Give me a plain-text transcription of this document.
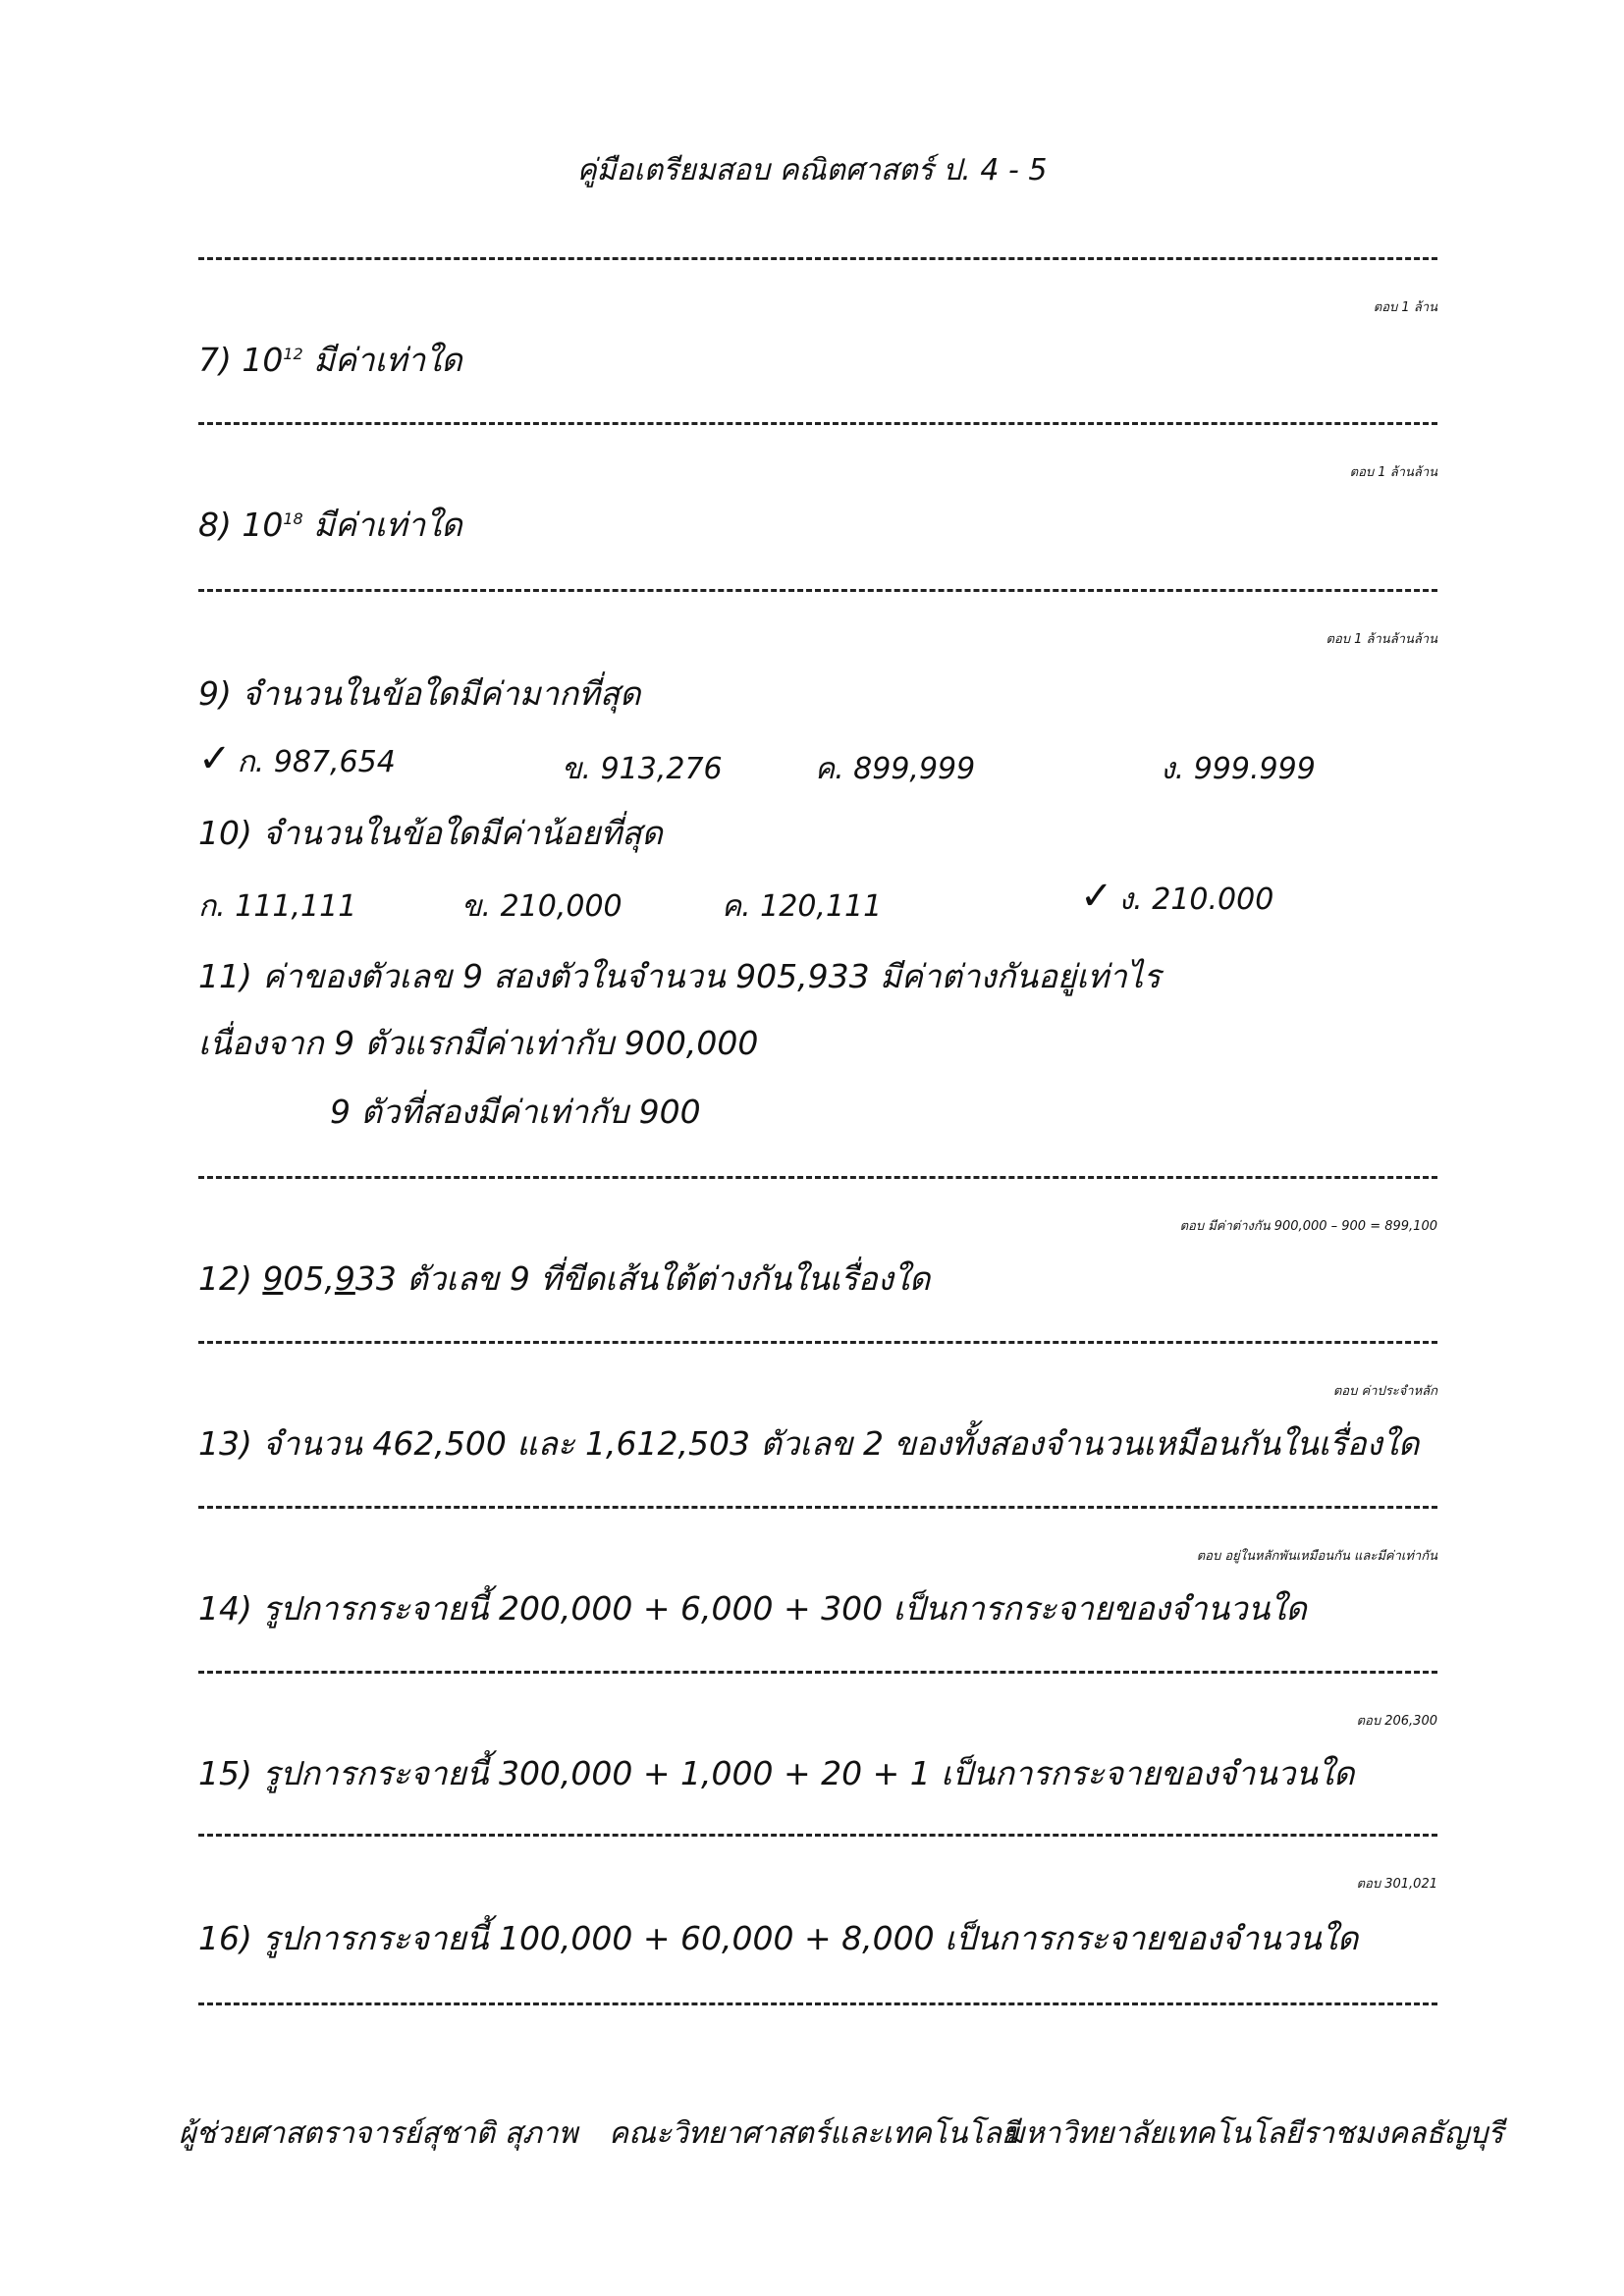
คู่มือเตรียมสอบ คณิตศาสตร์ ป. 4 - 5
ตอบ 1 ล้าน
7) $10^{12}$ มีค่าเท่าใด
ตอบ 1 ล้านล้าน
8) $10^{18}$ มีค่าเท่าใด
ตอบ 1 ล้านล้านล้าน
9) จำนวนในข้อใดมีค่ามากที่สุด
✓ ก. 987,654	ข. 913,276	ค. 899,999	ง. 999.999
10) จำนวนในข้อใดมีค่าน้อยที่สุด
ก. 111,111	ข. 210,000	ค. 120,111	✓ ง. 210.000
11) ค่าของตัวเลข 9 สองตัวในจำนวน 905,933 มีค่าต่างกันอยู่เท่าไร
เนื่องจาก 9 ตัวแรกมีค่าเท่ากับ 900,000
9 ตัวที่สองมีค่าเท่ากับ 900
ตอบ มีค่าต่างกัน 900,000 – 900 = 899,100
12) 905,933 ตัวเลข 9 ที่ขีดเส้นใต้ต่างกันในเรื่องใด
ตอบ ค่าประจำหลัก
13) จำนวน 462,500 และ 1,612,503 ตัวเลข 2 ของทั้งสองจำนวนเหมือนกันในเรื่องใด
ตอบ อยู่ในหลักพันเหมือนกัน และมีค่าเท่ากัน
14) รูปการกระจายนี้ 200,000 + 6,000 + 300 เป็นการกระจายของจำนวนใด
ตอบ 206,300
15) รูปการกระจายนี้ 300,000 + 1,000 + 20 + 1 เป็นการกระจายของจำนวนใด
ตอบ 301,021
16) รูปการกระจายนี้ 100,000 + 60,000 + 8,000 เป็นการกระจายของจำนวนใด
ผู้ช่วยศาสตราจารย์สุชาติ สุภาพ คณะวิทยาศาสตร์และเทคโนโลยี
มหาวิทยาลัยเทคโนโลยีราชมงคลธัญบุรี
